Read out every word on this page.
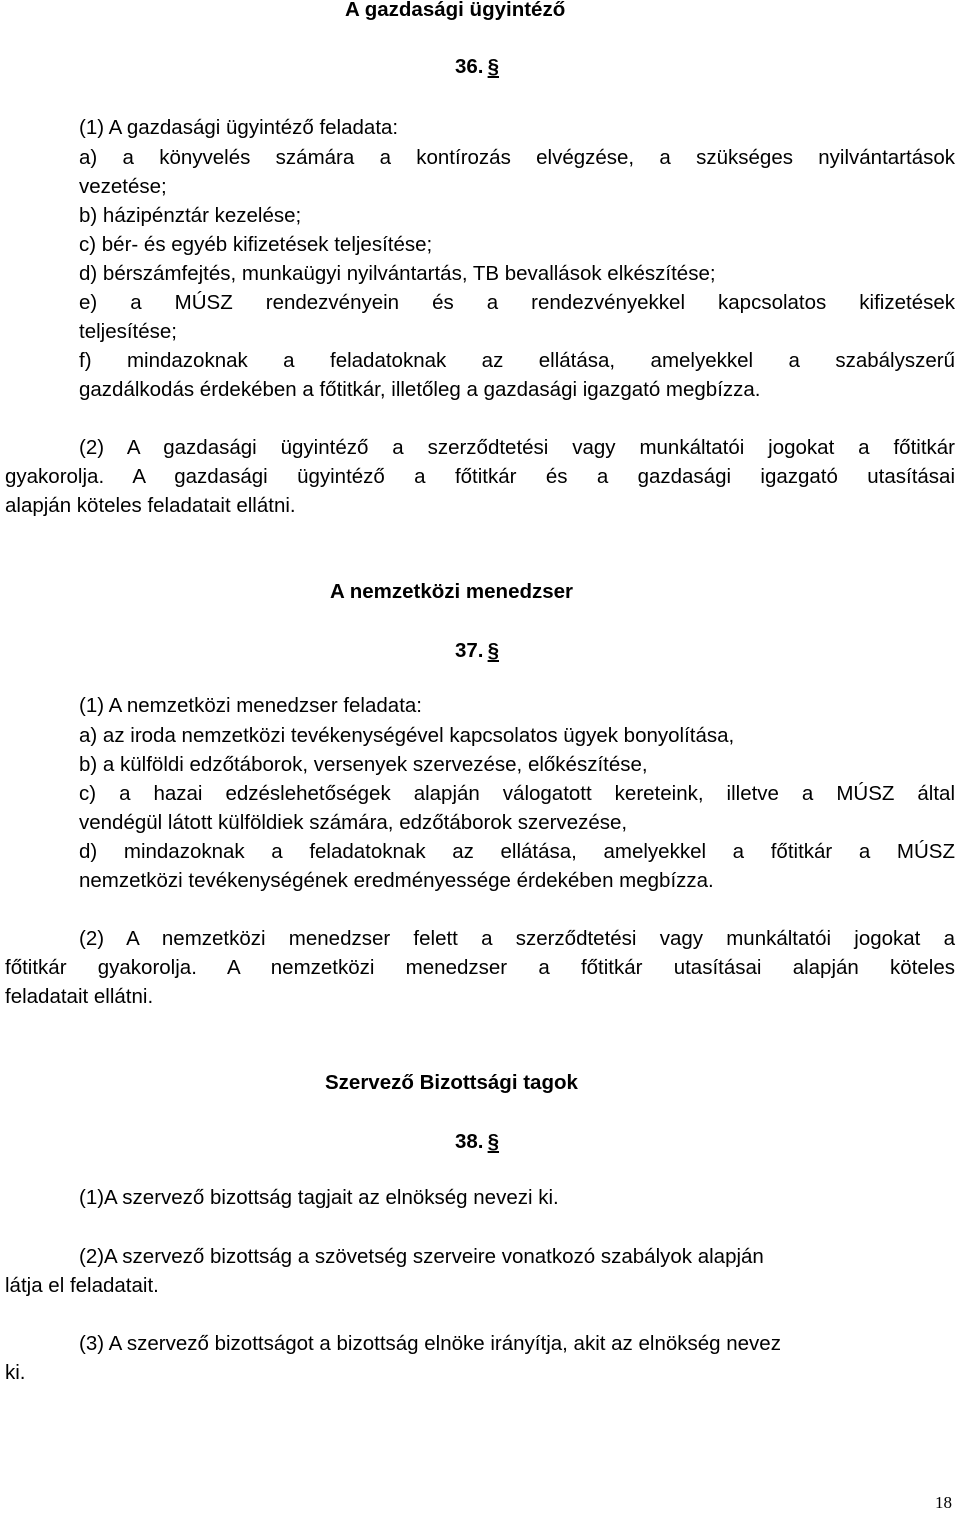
A gazdasági ügyintéző
36.  §
(1) A gazdasági ügyintéző feladata:
a) a könyvelés számára a kontírozás elvégzése, a szükséges nyilvántartások
vezetése;
b) házipénztár kezelése;
c) bér- és egyéb kifizetések teljesítése;
d) bérszámfejtés, munkaügyi nyilvántartás, TB bevallások elkészítése;
e) a MÚSZ rendezvényein és a rendezvényekkel kapcsolatos kifizetések
teljesítése;
f) mindazoknak a feladatoknak az ellátása, amelyekkel a szabályszerű
gazdálkodás érdekében a főtitkár, illetőleg a gazdasági igazgató megbízza.
(2) A gazdasági ügyintéző a szerződtetési vagy munkáltatói jogokat a főtitkár
gyakorolja. A gazdasági ügyintéző a főtitkár és a gazdasági igazgató utasításai
alapján köteles feladatait ellátni.
A nemzetközi menedzser
37.  §
(1) A nemzetközi menedzser feladata:
a) az iroda nemzetközi tevékenységével kapcsolatos ügyek bonyolítása,
b) a külföldi edzőtáborok, versenyek szervezése, előkészítése,
c) a hazai edzéslehetőségek alapján válogatott kereteink, illetve a MÚSZ által
vendégül látott külföldiek számára, edzőtáborok szervezése,
d) mindazoknak a feladatoknak az ellátása, amelyekkel a főtitkár a MÚSZ
nemzetközi tevékenységének eredményessége érdekében megbízza.
(2) A nemzetközi menedzser felett a szerződtetési vagy munkáltatói jogokat a
főtitkár gyakorolja. A nemzetközi menedzser a főtitkár utasításai alapján köteles
feladatait ellátni.
Szervező Bizottsági tagok
38.  §
(1)A szervező bizottság tagjait az elnökség nevezi ki.
(2)A szervező bizottság a szövetség szerveire vonatkozó szabályok alapján
látja el feladatait.
(3) A szervező bizottságot a bizottság elnöke irányítja, akit az elnökség nevez
ki.
18
